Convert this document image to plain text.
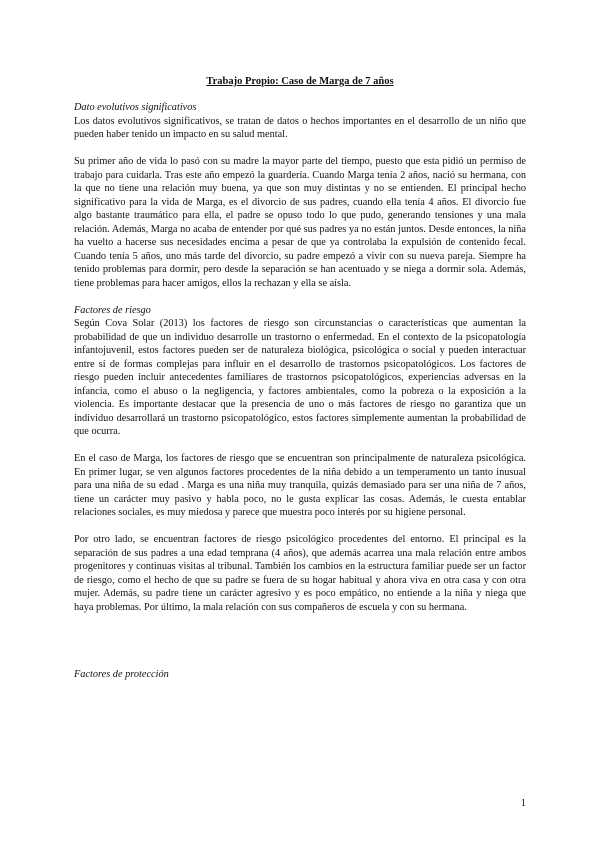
Trabajo Propio: Caso de Marga de 7 años

Dato evolutivos significativos

Los datos evolutivos significativos, se tratan de datos o hechos importantes en el desarrollo de un niño que pueden haber tenido un impacto en su salud mental.

Su primer año de vida lo pasó con su madre la mayor parte del tiempo, puesto que esta pidió un permiso de trabajo para cuidarla. Tras este año empezó la guardería. Cuando Marga tenía 2 años, nació su hermana, con la que no tiene una relación muy buena, ya que son muy distintas y no se entienden. El principal hecho significativo para la vida de Marga, es el divorcio de sus padres, cuando ella tenía 4 años. El divorcio fue algo bastante traumático para ella, el padre se opuso todo lo que pudo, generando tensiones y una mala relación. Además, Marga no acaba de entender por qué sus padres ya no están juntos. Desde entonces, la niña ha vuelto a hacerse sus necesidades encima a pesar de que ya controlaba la expulsión de contenido fecal. Cuando tenía 5 años, uno más tarde del divorcio, su padre empezó a vivir con su nueva pareja. Siempre ha tenido problemas para dormir, pero desde la separación se han acentuado y se niega a dormir sola. Además, tiene problemas para hacer amigos, ellos la rechazan y ella se aísla.

Factores de riesgo

Según Cova Solar (2013) los factores de riesgo son circunstancias o características que aumentan la probabilidad de que un individuo desarrolle un trastorno o enfermedad. En el contexto de la psicopatología infantojuvenil, estos factores pueden ser de naturaleza biológica, psicológica o social y pueden interactuar entre sí de formas complejas para influir en el desarrollo de trastornos psicopatológicos. Los factores de riesgo pueden incluir antecedentes familiares de trastornos psicopatológicos, experiencias adversas en la infancia, como el abuso o la negligencia, y factores ambientales, como la pobreza o la exposición a la violencia. Es importante destacar que la presencia de uno o más factores de riesgo no garantiza que un individuo desarrollará un trastorno psicopatológico, estos factores simplemente aumentan la probabilidad de que ocurra.

En el caso de Marga, los factores de riesgo que se encuentran son principalmente de naturaleza psicológica. En primer lugar, se ven algunos factores procedentes de la niña debido a un temperamento un tanto inusual para una niña de su edad . Marga es una niña muy tranquila, quizás demasiado para ser una niña de 7 años, tiene un carácter muy pasivo y habla poco, no le gusta explicar las cosas. Además, le cuesta entablar relaciones sociales, es muy miedosa y parece que muestra poco interés por su higiene personal.

Por otro lado, se encuentran factores de riesgo psicológico procedentes del entorno. El principal es la separación de sus padres a una edad temprana (4 años), que además acarrea una mala relación entre ambos progenitores y continuas visitas al tribunal. También los cambios en la estructura familiar puede ser un factor de riesgo, como el hecho de que su padre se fuera de su hogar habitual y ahora viva en otra casa y con otra mujer. Además, su padre tiene un carácter agresivo y es poco empático, no entiende a la niña y niega que haya problemas. Por último, la mala relación con sus compañeros de escuela y con su hermana.

Factores de protección

1
